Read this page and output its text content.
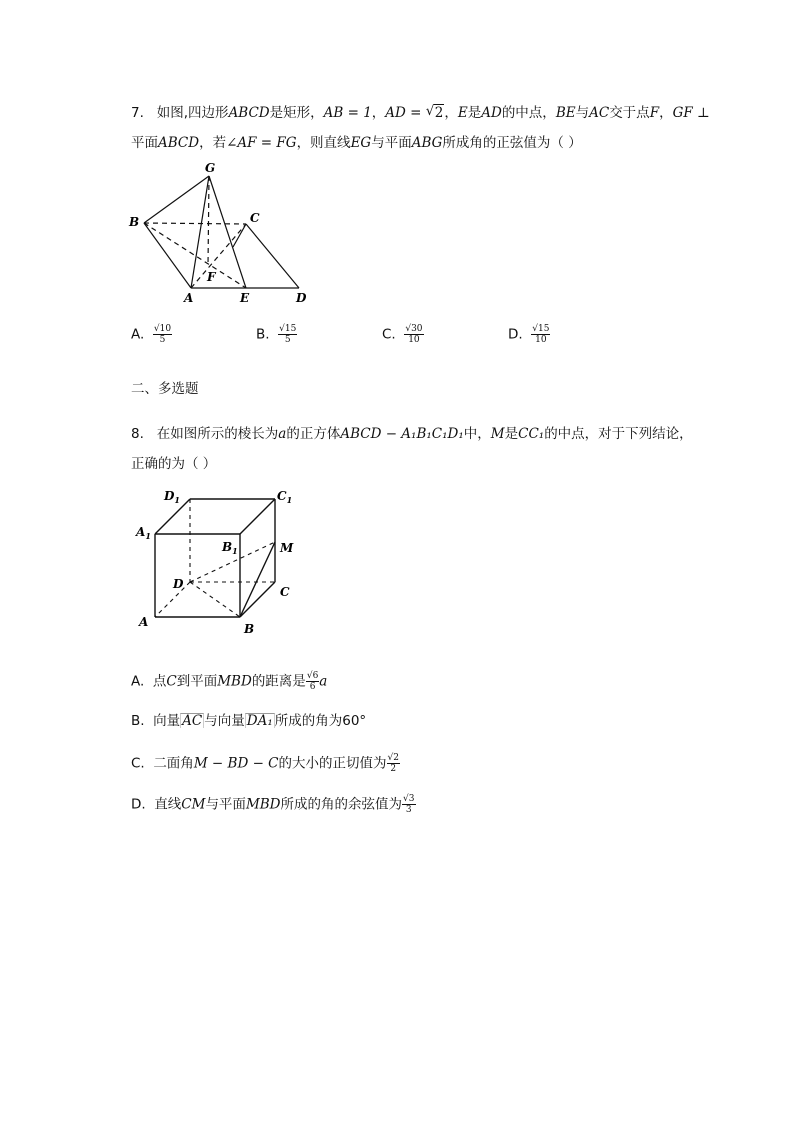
7. 如图,四边形ABCD是矩形，AB = 1，AD = √ 2，E是AD的中点，BE与AC交于点F，GF ⊥
平面ABCD，若∠AF = FG，则直线EG与平面ABG所成角的正弦值为（ ）
G
B	C
F
A	E	D
A. $\frac{√10}{5}$	B. $\frac{√15}{5}$	C. $\frac{√30}{10}$	D. $\frac{√15}{10}$
二、多选题
8. 在如图所示的棱长为a的正方体ABCD − A₁B₁C₁D₁中，M是CC₁的中点，对于下列结论，
正确的为（ ）
$D_1$	$C_1$
$A_1$
$B_1$	M
D
C
A	B
A. 点C到平面MBD的距离是 $\frac{√6}{6}$ a
B. 向量 AC 与向量 DA₁ 所成的角为60°
C. 二面角M − BD − C的大小的正切值为 $\frac{√2}{2}$
D. 直线CM与平面MBD所成的角的余弦值为 $\frac{√3}{3}$
